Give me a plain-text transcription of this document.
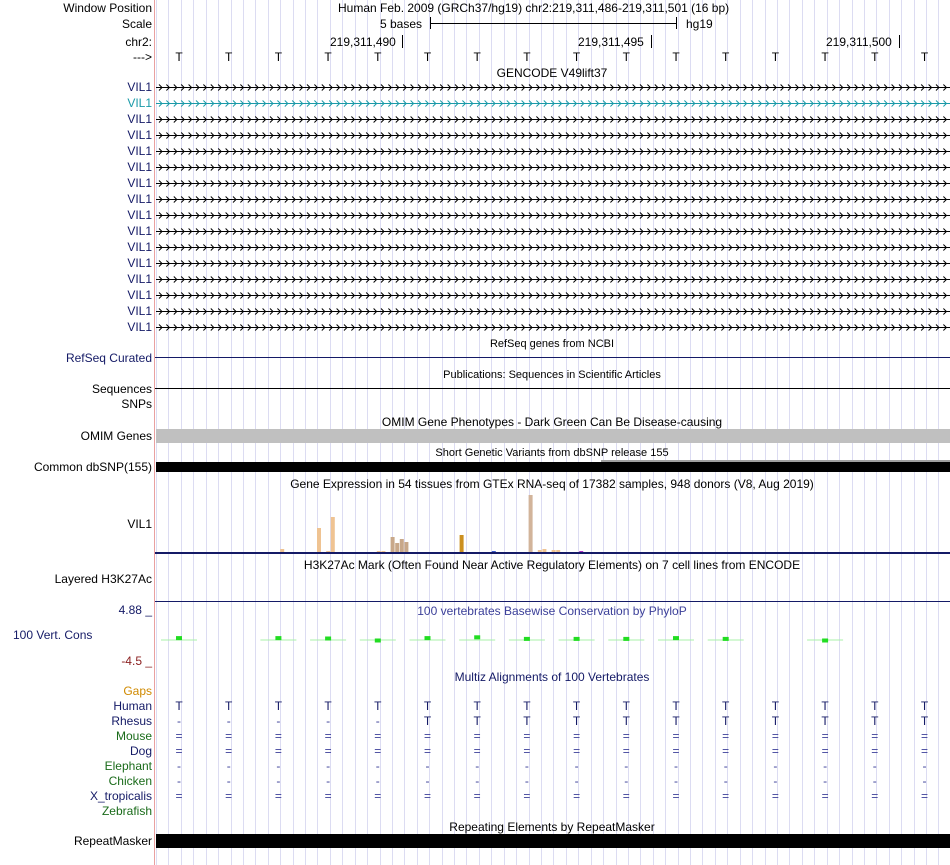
Window Position
Scale
chr2:
--->
Human Feb. 2009 (GRCh37/hg19) chr2:219,311,486-219,311,501 (16 bp)
5 bases	hg19
219,311,490	219,311,495	219,311,500
T	T	T	T	T	T	T	T	T	T	T	T	T	T	T	T
GENCODE V49lift37
VIL1
VIL1
VIL1
VIL1
VIL1
VIL1
VIL1
VIL1
VIL1
VIL1
VIL1
VIL1
VIL1
VIL1
VIL1
VIL1
RefSeq genes from NCBI
RefSeq Curated
Publications: Sequences in Scientific Articles
Sequences
SNPs
OMIM Gene Phenotypes - Dark Green Can Be Disease-causing
OMIM Genes
Short Genetic Variants from dbSNP release 155
Common dbSNP(155)
Gene Expression in 54 tissues from GTEx RNA-seq of 17382 samples, 948 donors (V8, Aug 2019)
VIL1
H3K27Ac Mark (Often Found Near Active Regulatory Elements) on 7 cell lines from ENCODE
Layered H3K27Ac
4.88 _	100 vertebrates Basewise Conservation by PhyloP
100 Vert. Cons
-4.5 _
Multiz Alignments of 100 Vertebrates
Gaps
Human T	T	T	T	T	T	T	T	T	T	T	T	T	T	T	T
Rhesus -	-	-	-	-	T	T	T	T	T	T	T	T	T	T	T
Mouse =	=	=	=	=	=	=	=	=	=	=	=	=	=	=	=
Dog =	=	=	=	=	=	=	=	=	=	=	=	=	=	=	=
Elephant -	-	-	-	-	-	-	-	-	-	-	-	-	-	-	-
Chicken -	-	-	-	-	-	-	-	-	-	-	-	-	-	-	-
X_tropicalis =	=	=	=	=	=	=	=	=	=	=	=	=	=	=	=
Zebrafish
Repeating Elements by RepeatMasker
RepeatMasker
